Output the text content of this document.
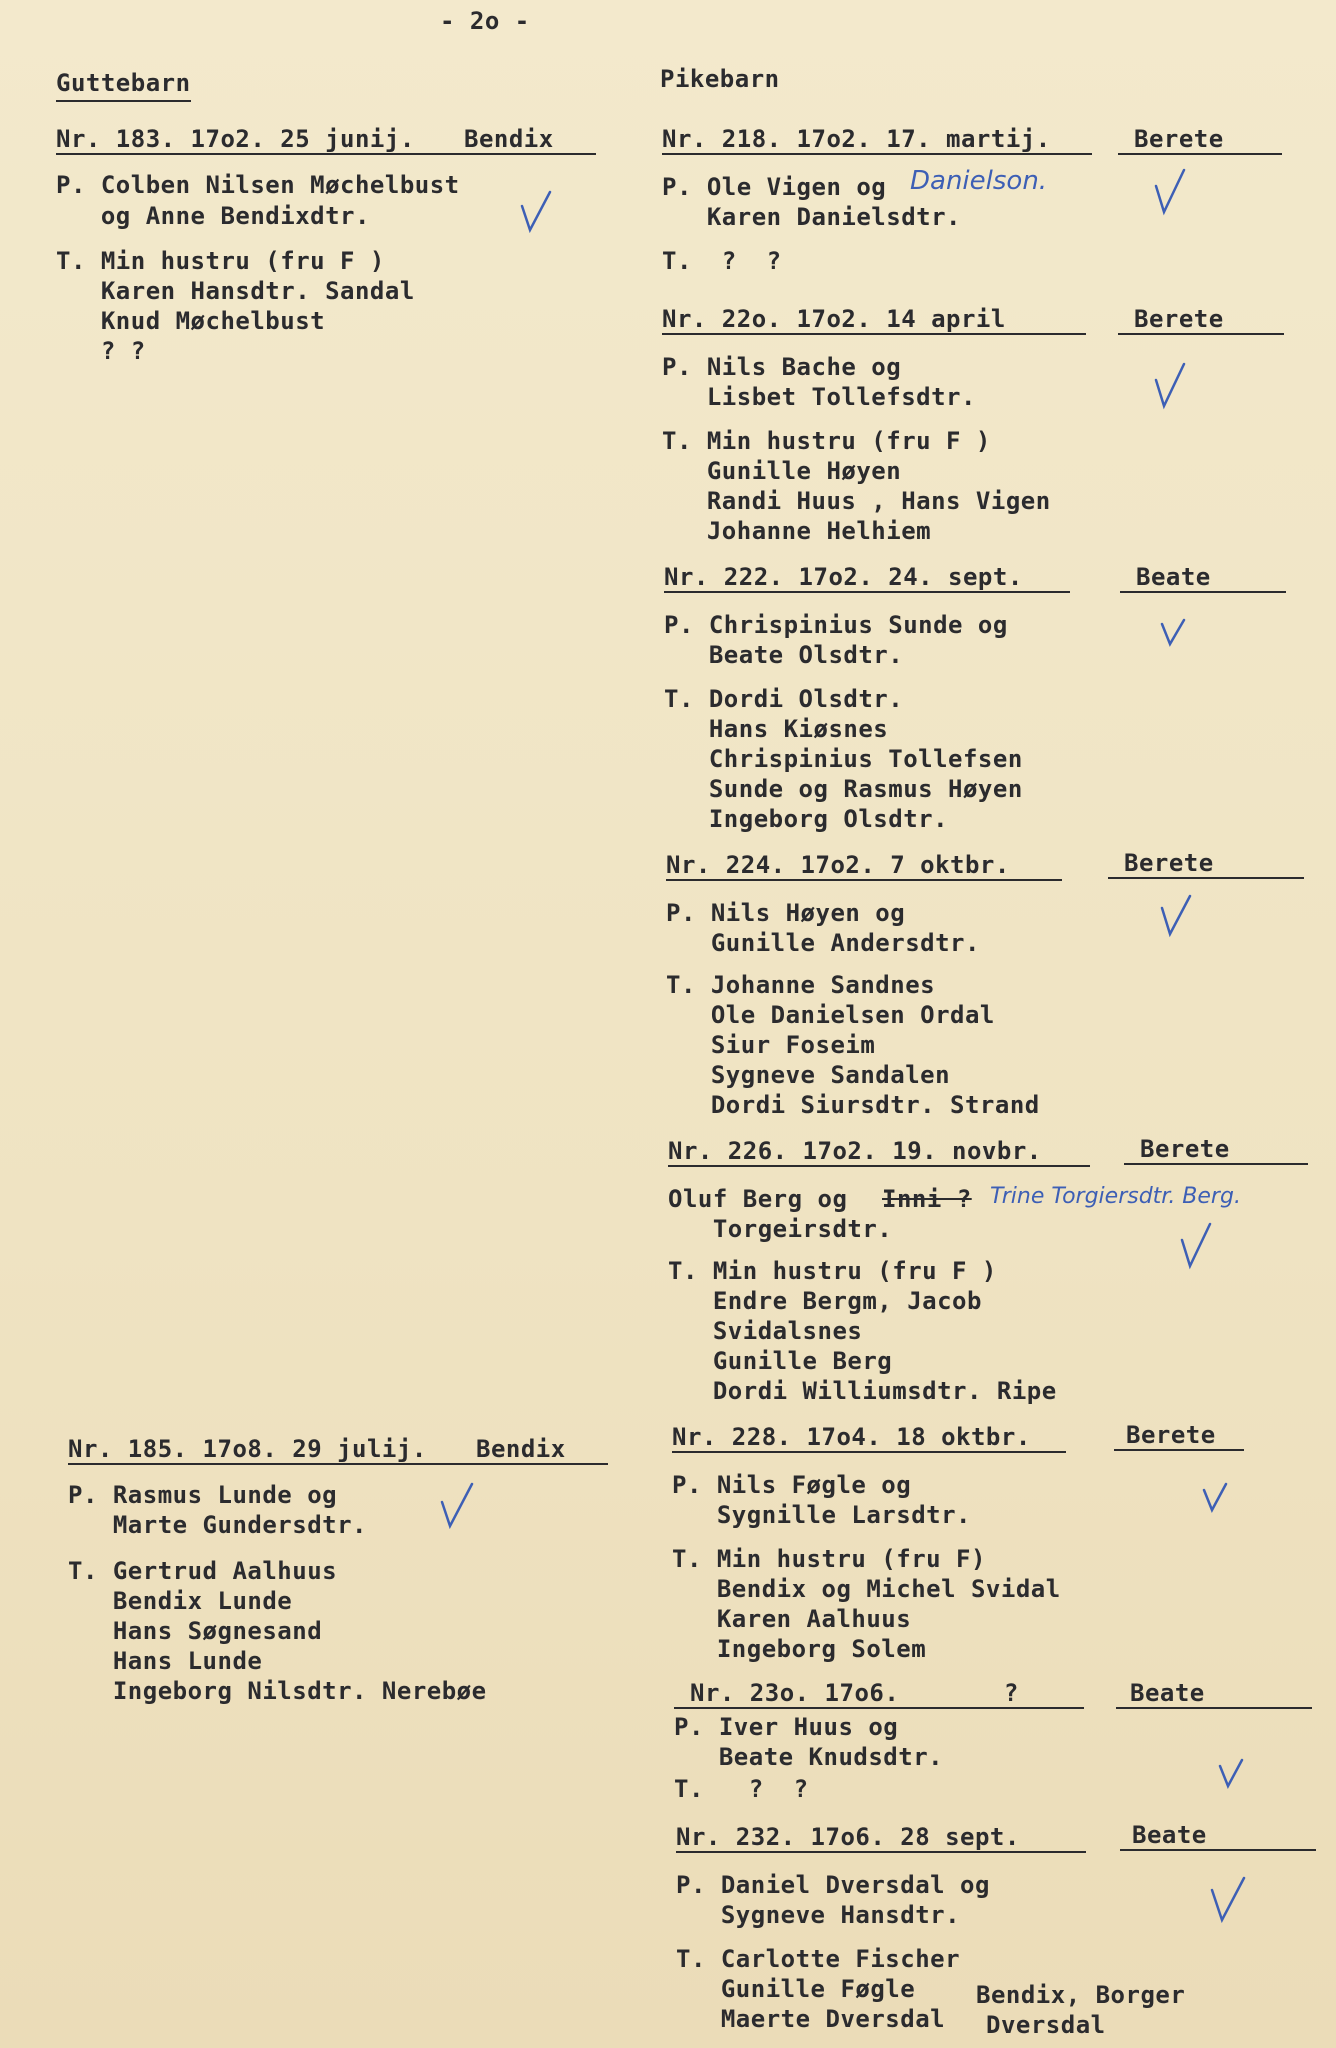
- 2o -
Guttebarn	Pikebarn
Nr. 183. 17o2. 25 junij. Bendix
P. Colben Nilsen Møchelbust
og Anne Bendixdtr.
T. Min hustru (fru F )
Karen Hansdtr. Sandal
Knud Møchelbust
? ?
Nr. 185. 17o8. 29 julij. Bendix
P. Rasmus Lunde og
Marte Gundersdtr.
T. Gertrud Aalhuus
Bendix Lunde
Hans Søgnesand
Hans Lunde
Ingeborg Nilsdtr. Nerebøe
Nr. 218. 17o2. 17. martij.	Berete
P. Ole Vigen og Danielson.
Karen Danielsdtr.
T.  ?  ?
Nr. 22o. 17o2. 14 april	Berete
P. Nils Bache og
Lisbet Tollefsdtr.
T. Min hustru (fru F )
Gunille Høyen
Randi Huus , Hans Vigen
Johanne Helhiem
Nr. 222. 17o2. 24. sept.	Beate
P. Chrispinius Sunde og
Beate Olsdtr.
T. Dordi Olsdtr.
Hans Kiøsnes
Chrispinius Tollefsen
Sunde og Rasmus Høyen
Ingeborg Olsdtr.
Nr. 224. 17o2. 7 oktbr.	Berete
P. Nils Høyen og
Gunille Andersdtr.
T. Johanne Sandnes
Ole Danielsen Ordal
Siur Foseim
Sygneve Sandalen
Dordi Siursdtr. Strand
Nr. 226. 17o2. 19. novbr.	Berete
Oluf Berg og Inni ? Trine Torgiersdtr. Berg.
Torgeirsdtr.
T. Min hustru (fru F )
Endre Bergm, Jacob
Svidalsnes
Gunille Berg
Dordi Williumsdtr. Ripe
Nr. 228. 17o4. 18 oktbr.	Berete
P. Nils Føgle og
Sygnille Larsdtr.
T. Min hustru (fru F)
Bendix og Michel Svidal
Karen Aalhuus
Ingeborg Solem
Nr. 23o. 17o6.       ?	Beate
P. Iver Huus og
Beate Knudsdtr.
T.   ?  ?
Nr. 232. 17o6. 28 sept.	Beate
P. Daniel Dversdal og
Sygneve Hansdtr.
T. Carlotte Fischer
Gunille Føgle
Maerte Dversdal
Bendix, Borger
Dversdal
